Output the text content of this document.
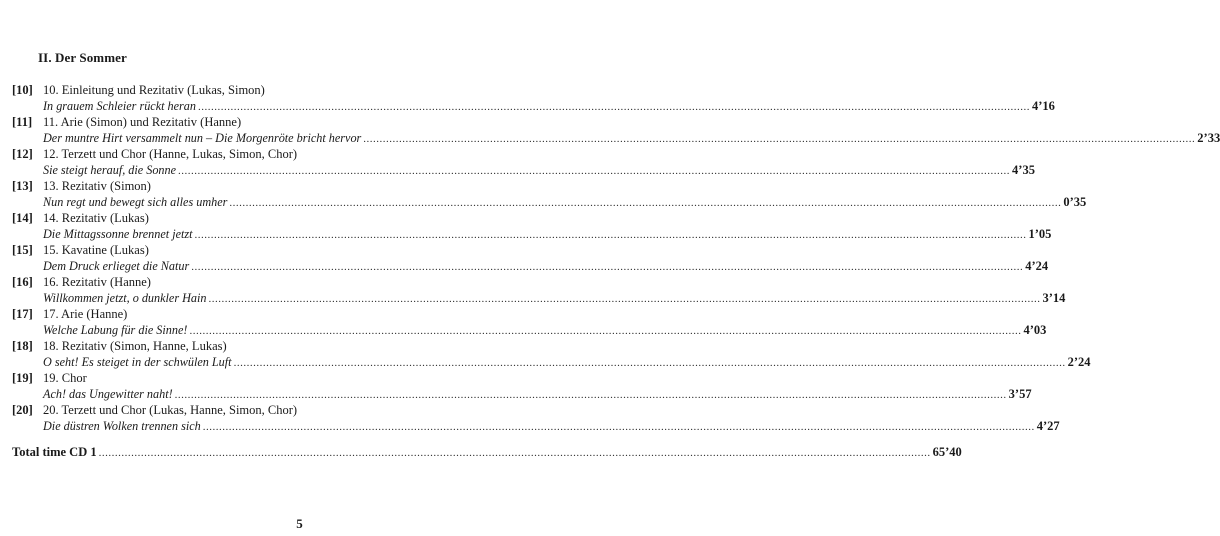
II. Der Sommer
[10] 10. Einleitung und Rezitativ (Lukas, Simon)
In grauem Schleier rückt heran .....	4’16
[11] 11. Arie (Simon) und Rezitativ (Hanne)
Der muntre Hirt versammelt nun – Die Morgenröte bricht hervor .....	2’33
[12] 12. Terzett und Chor (Hanne, Lukas, Simon, Chor)
Sie steigt herauf, die Sonne .....	4’35
[13] 13. Rezitativ (Simon)
Nun regt und bewegt sich alles umher .....	0’35
[14] 14. Rezitativ (Lukas)
Die Mittagssonne brennet jetzt .....	1’05
[15] 15. Kavatine (Lukas)
Dem Druck erlieget die Natur .....	4’24
[16] 16. Rezitativ (Hanne)
Willkommen jetzt, o dunkler Hain .....	3’14
[17] 17. Arie (Hanne)
Welche Labung für die Sinne! .....	4’03
[18] 18. Rezitativ (Simon, Hanne, Lukas)
O seht! Es steiget in der schwülen Luft .....	2’24
[19] 19. Chor
Ach! das Ungewitter naht! .....	3’57
[20] 20. Terzett und Chor (Lukas, Hanne, Simon, Chor)
Die düstren Wolken trennen sich .....	4’27
Total time CD 1 .....	65’40
5
